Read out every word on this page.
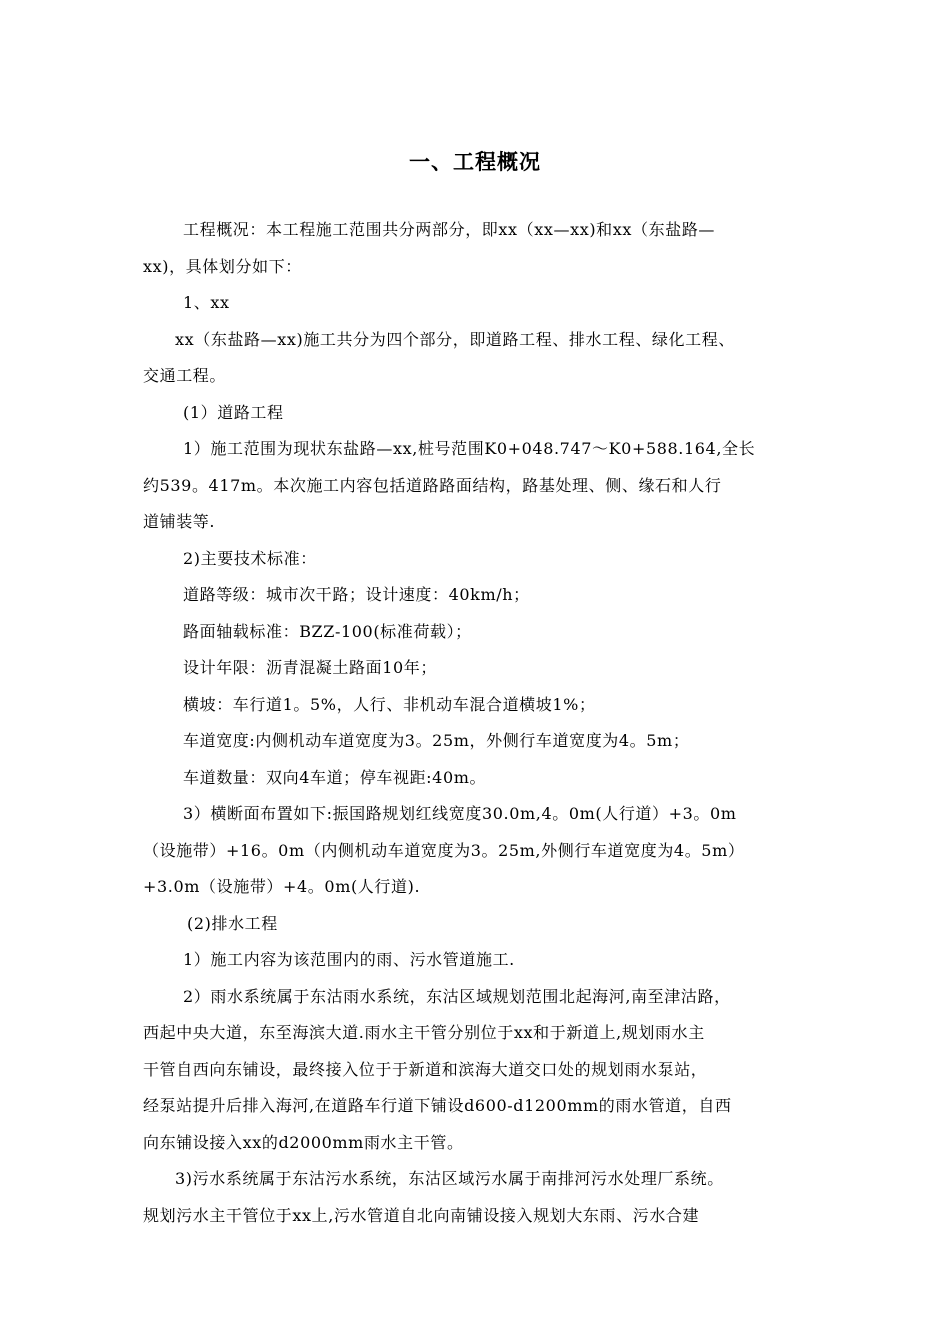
一、工程概况

工程概况：本工程施工范围共分两部分，即xx（xx—xx)和xx（东盐路—

xx)，具体划分如下：

1、xx

xx（东盐路—xx)施工共分为四个部分，即道路工程、排水工程、绿化工程、

交通工程。

(1）道路工程

1）施工范围为现状东盐路—xx,桩号范围K0+048.747～K0+588.164,全长

约539。417m。本次施工内容包括道路路面结构，路基处理、侧、缘石和人行

道铺装等.

2)主要技术标准：

道路等级：城市次干路；设计速度：40km/h；

路面轴载标准：BZZ-100(标准荷载）；

设计年限：沥青混凝土路面10年；

横坡：车行道1。5%，人行、非机动车混合道横坡1%；

车道宽度:内侧机动车道宽度为3。25m，外侧行车道宽度为4。5m；

车道数量：双向4车道；停车视距:40m。

3）横断面布置如下:振国路规划红线宽度30.0m,4。0m(人行道）+3。0m

（设施带）+16。0m（内侧机动车道宽度为3。25m,外侧行车道宽度为4。5m）

+3.0m（设施带）+4。0m(人行道).

(2)排水工程

1）施工内容为该范围内的雨、污水管道施工.

2）雨水系统属于东沽雨水系统，东沽区域规划范围北起海河,南至津沽路，

西起中央大道，东至海滨大道.雨水主干管分别位于xx和于新道上,规划雨水主

干管自西向东铺设，最终接入位于于新道和滨海大道交口处的规划雨水泵站，

经泵站提升后排入海河,在道路车行道下铺设d600-d1200mm的雨水管道，自西

向东铺设接入xx的d2000mm雨水主干管。

3)污水系统属于东沽污水系统，东沽区域污水属于南排河污水处理厂系统。

规划污水主干管位于xx上,污水管道自北向南铺设接入规划大东雨、污水合建
